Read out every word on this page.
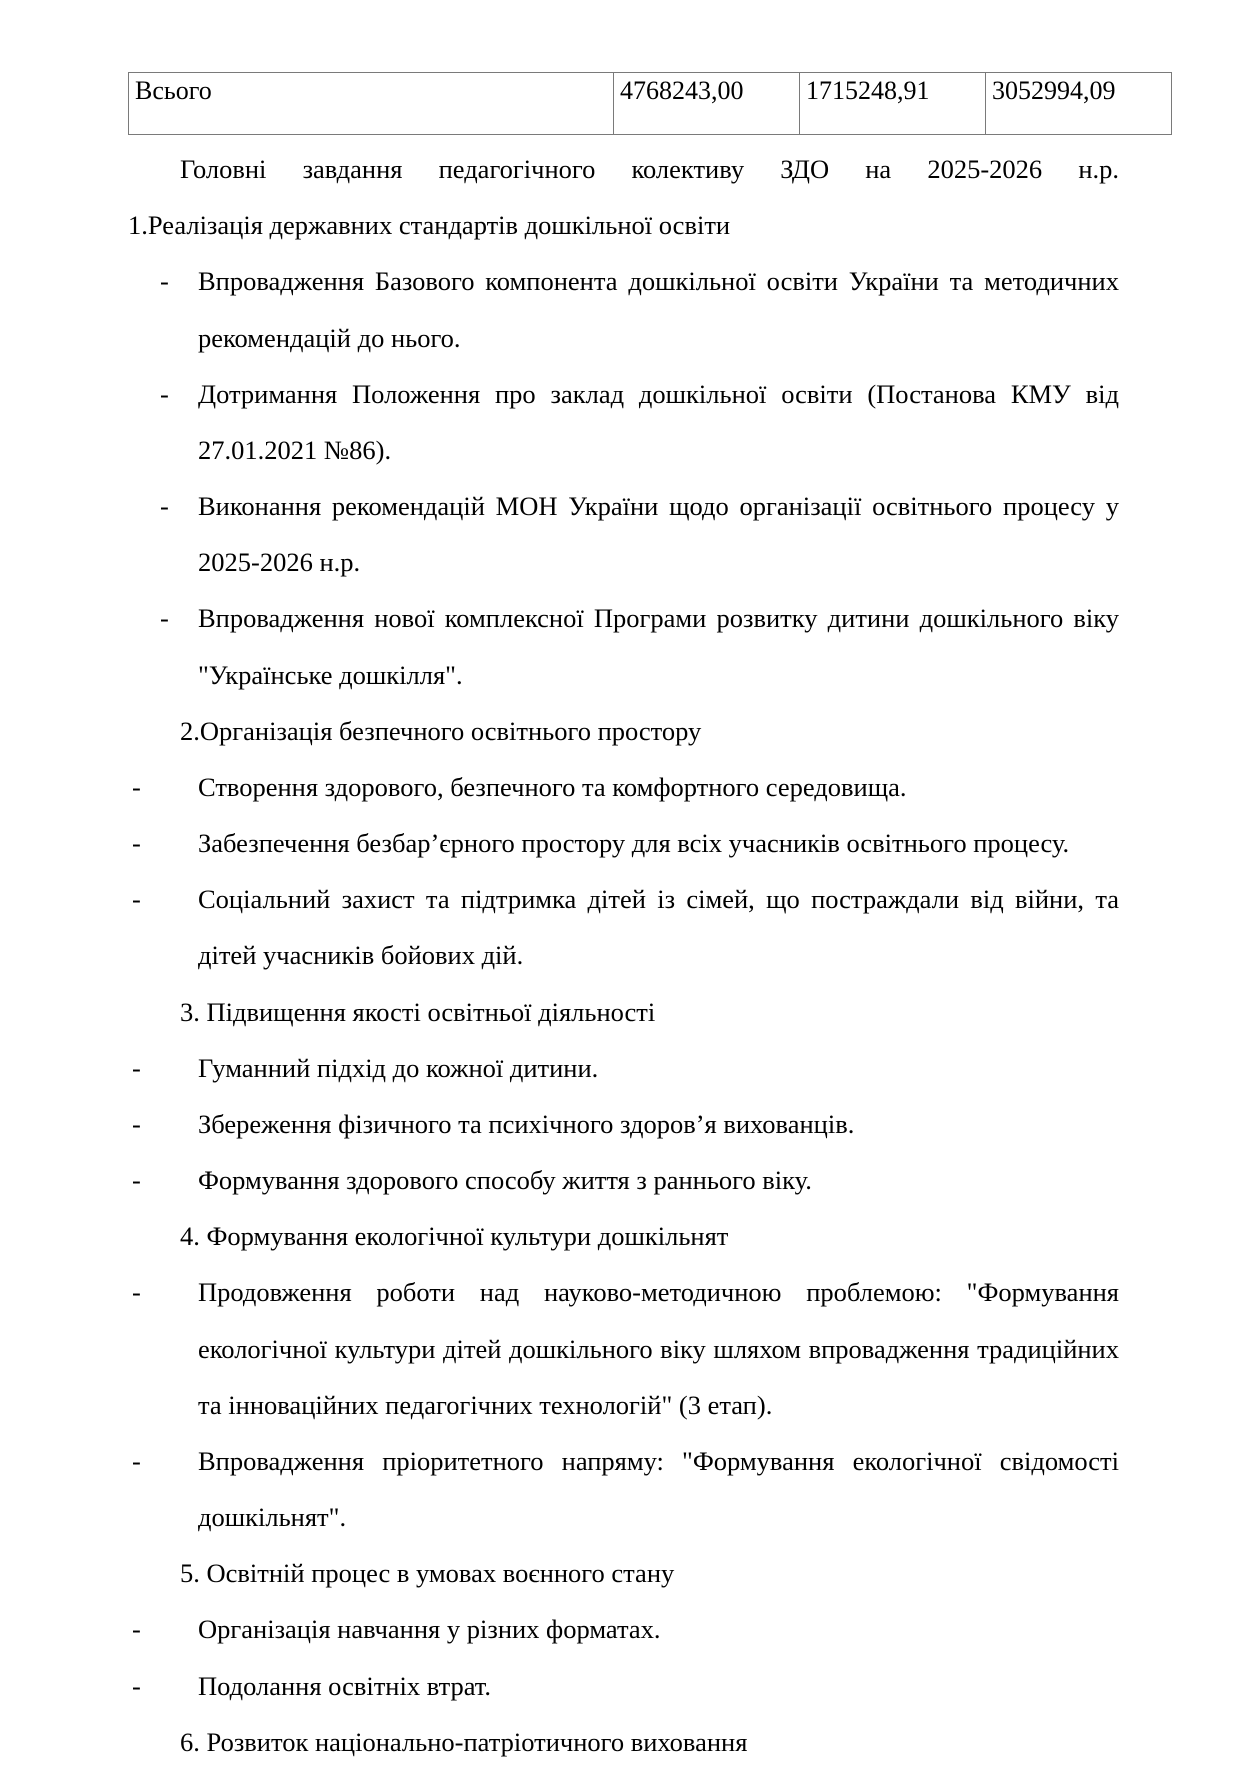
Всього	4768243,00	1715248,91	3052994,09

Головні завдання педагогічного колективу ЗДО на 2025-2026 н.р.

1.Реалізація державних стандартів дошкільної освіти

-	Впровадження Базового компонента дошкільної освіти України та методичних рекомендацій до нього.

-	Дотримання Положення про заклад дошкільної освіти (Постанова КМУ від 27.01.2021 №86).

-	Виконання рекомендацій МОН України щодо організації освітнього процесу у 2025-2026 н.р.

-	Впровадження нової комплексної Програми розвитку дитини дошкільного віку "Українське дошкілля".

2.Організація безпечного освітнього простору

-	Створення здорового, безпечного та комфортного середовища.

-	Забезпечення безбар’єрного простору для всіх учасників освітнього процесу.

-	Соціальний захист та підтримка дітей із сімей, що постраждали від війни, та дітей учасників бойових дій.

3. Підвищення якості освітньої діяльності

-	Гуманний підхід до кожної дитини.

-	Збереження фізичного та психічного здоров’я вихованців.

-	Формування здорового способу життя з раннього віку.

4. Формування екологічної культури дошкільнят

-	Продовження роботи над науково-методичною проблемою: "Формування екологічної культури дітей дошкільного віку шляхом впровадження традиційних та інноваційних педагогічних технологій" (3 етап).

-	Впровадження пріоритетного напряму: "Формування екологічної свідомості дошкільнят".

5. Освітній процес в умовах воєнного стану

-	Організація навчання у різних форматах.

-	Подолання освітніх втрат.

6. Розвиток національно-патріотичного виховання
